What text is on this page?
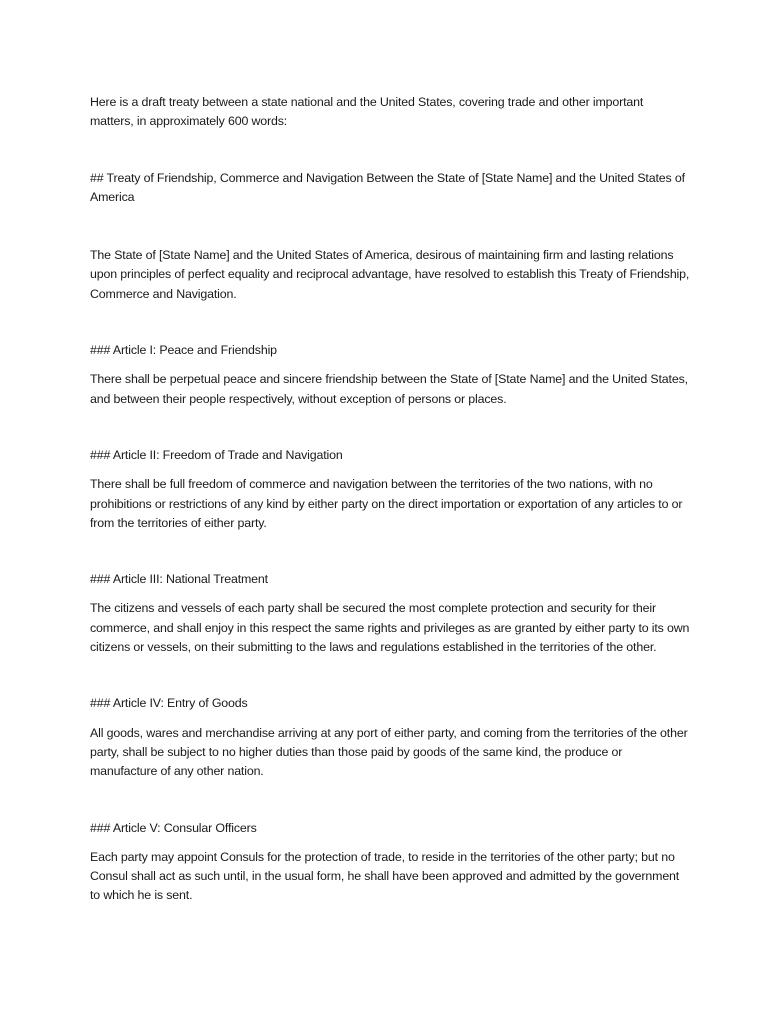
Here is a draft treaty between a state national and the United States, covering trade and other important matters, in approximately 600 words:

## Treaty of Friendship, Commerce and Navigation Between the State of [State Name] and the United States of America

The State of [State Name] and the United States of America, desirous of maintaining firm and lasting relations upon principles of perfect equality and reciprocal advantage, have resolved to establish this Treaty of Friendship, Commerce and Navigation.

### Article I: Peace and Friendship

There shall be perpetual peace and sincere friendship between the State of [State Name] and the United States, and between their people respectively, without exception of persons or places.

### Article II: Freedom of Trade and Navigation

There shall be full freedom of commerce and navigation between the territories of the two nations, with no prohibitions or restrictions of any kind by either party on the direct importation or exportation of any articles to or from the territories of either party.

### Article III: National Treatment

The citizens and vessels of each party shall be secured the most complete protection and security for their commerce, and shall enjoy in this respect the same rights and privileges as are granted by either party to its own citizens or vessels, on their submitting to the laws and regulations established in the territories of the other.

### Article IV: Entry of Goods

All goods, wares and merchandise arriving at any port of either party, and coming from the territories of the other party, shall be subject to no higher duties than those paid by goods of the same kind, the produce or manufacture of any other nation.

### Article V: Consular Officers

Each party may appoint Consuls for the protection of trade, to reside in the territories of the other party; but no Consul shall act as such until, in the usual form, he shall have been approved and admitted by the government to which he is sent.
